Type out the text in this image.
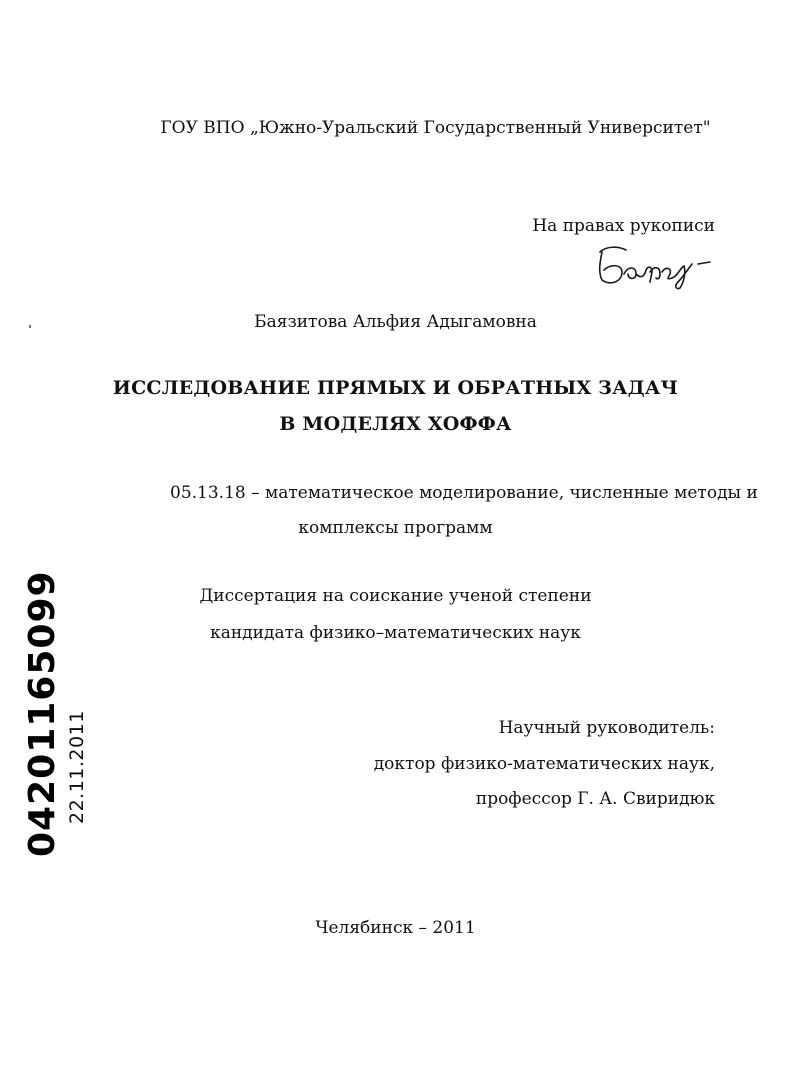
ГОУ ВПО „Южно-Уральский Государственный Университет"
На правах рукописи
Баязитова Альфия Адыгамовна
ИССЛЕДОВАНИЕ ПРЯМЫХ И ОБРАТНЫХ ЗАДАЧ
В МОДЕЛЯХ ХОФФА
05.13.18 – математическое моделирование, численные методы и
комплексы программ
Диссертация на соискание ученой степени
кандидата физико–математических наук
Научный руководитель:
доктор физико-математических наук,
профессор Г. А. Свиридюк
Челябинск – 2011
04201165099 22.11.2011
